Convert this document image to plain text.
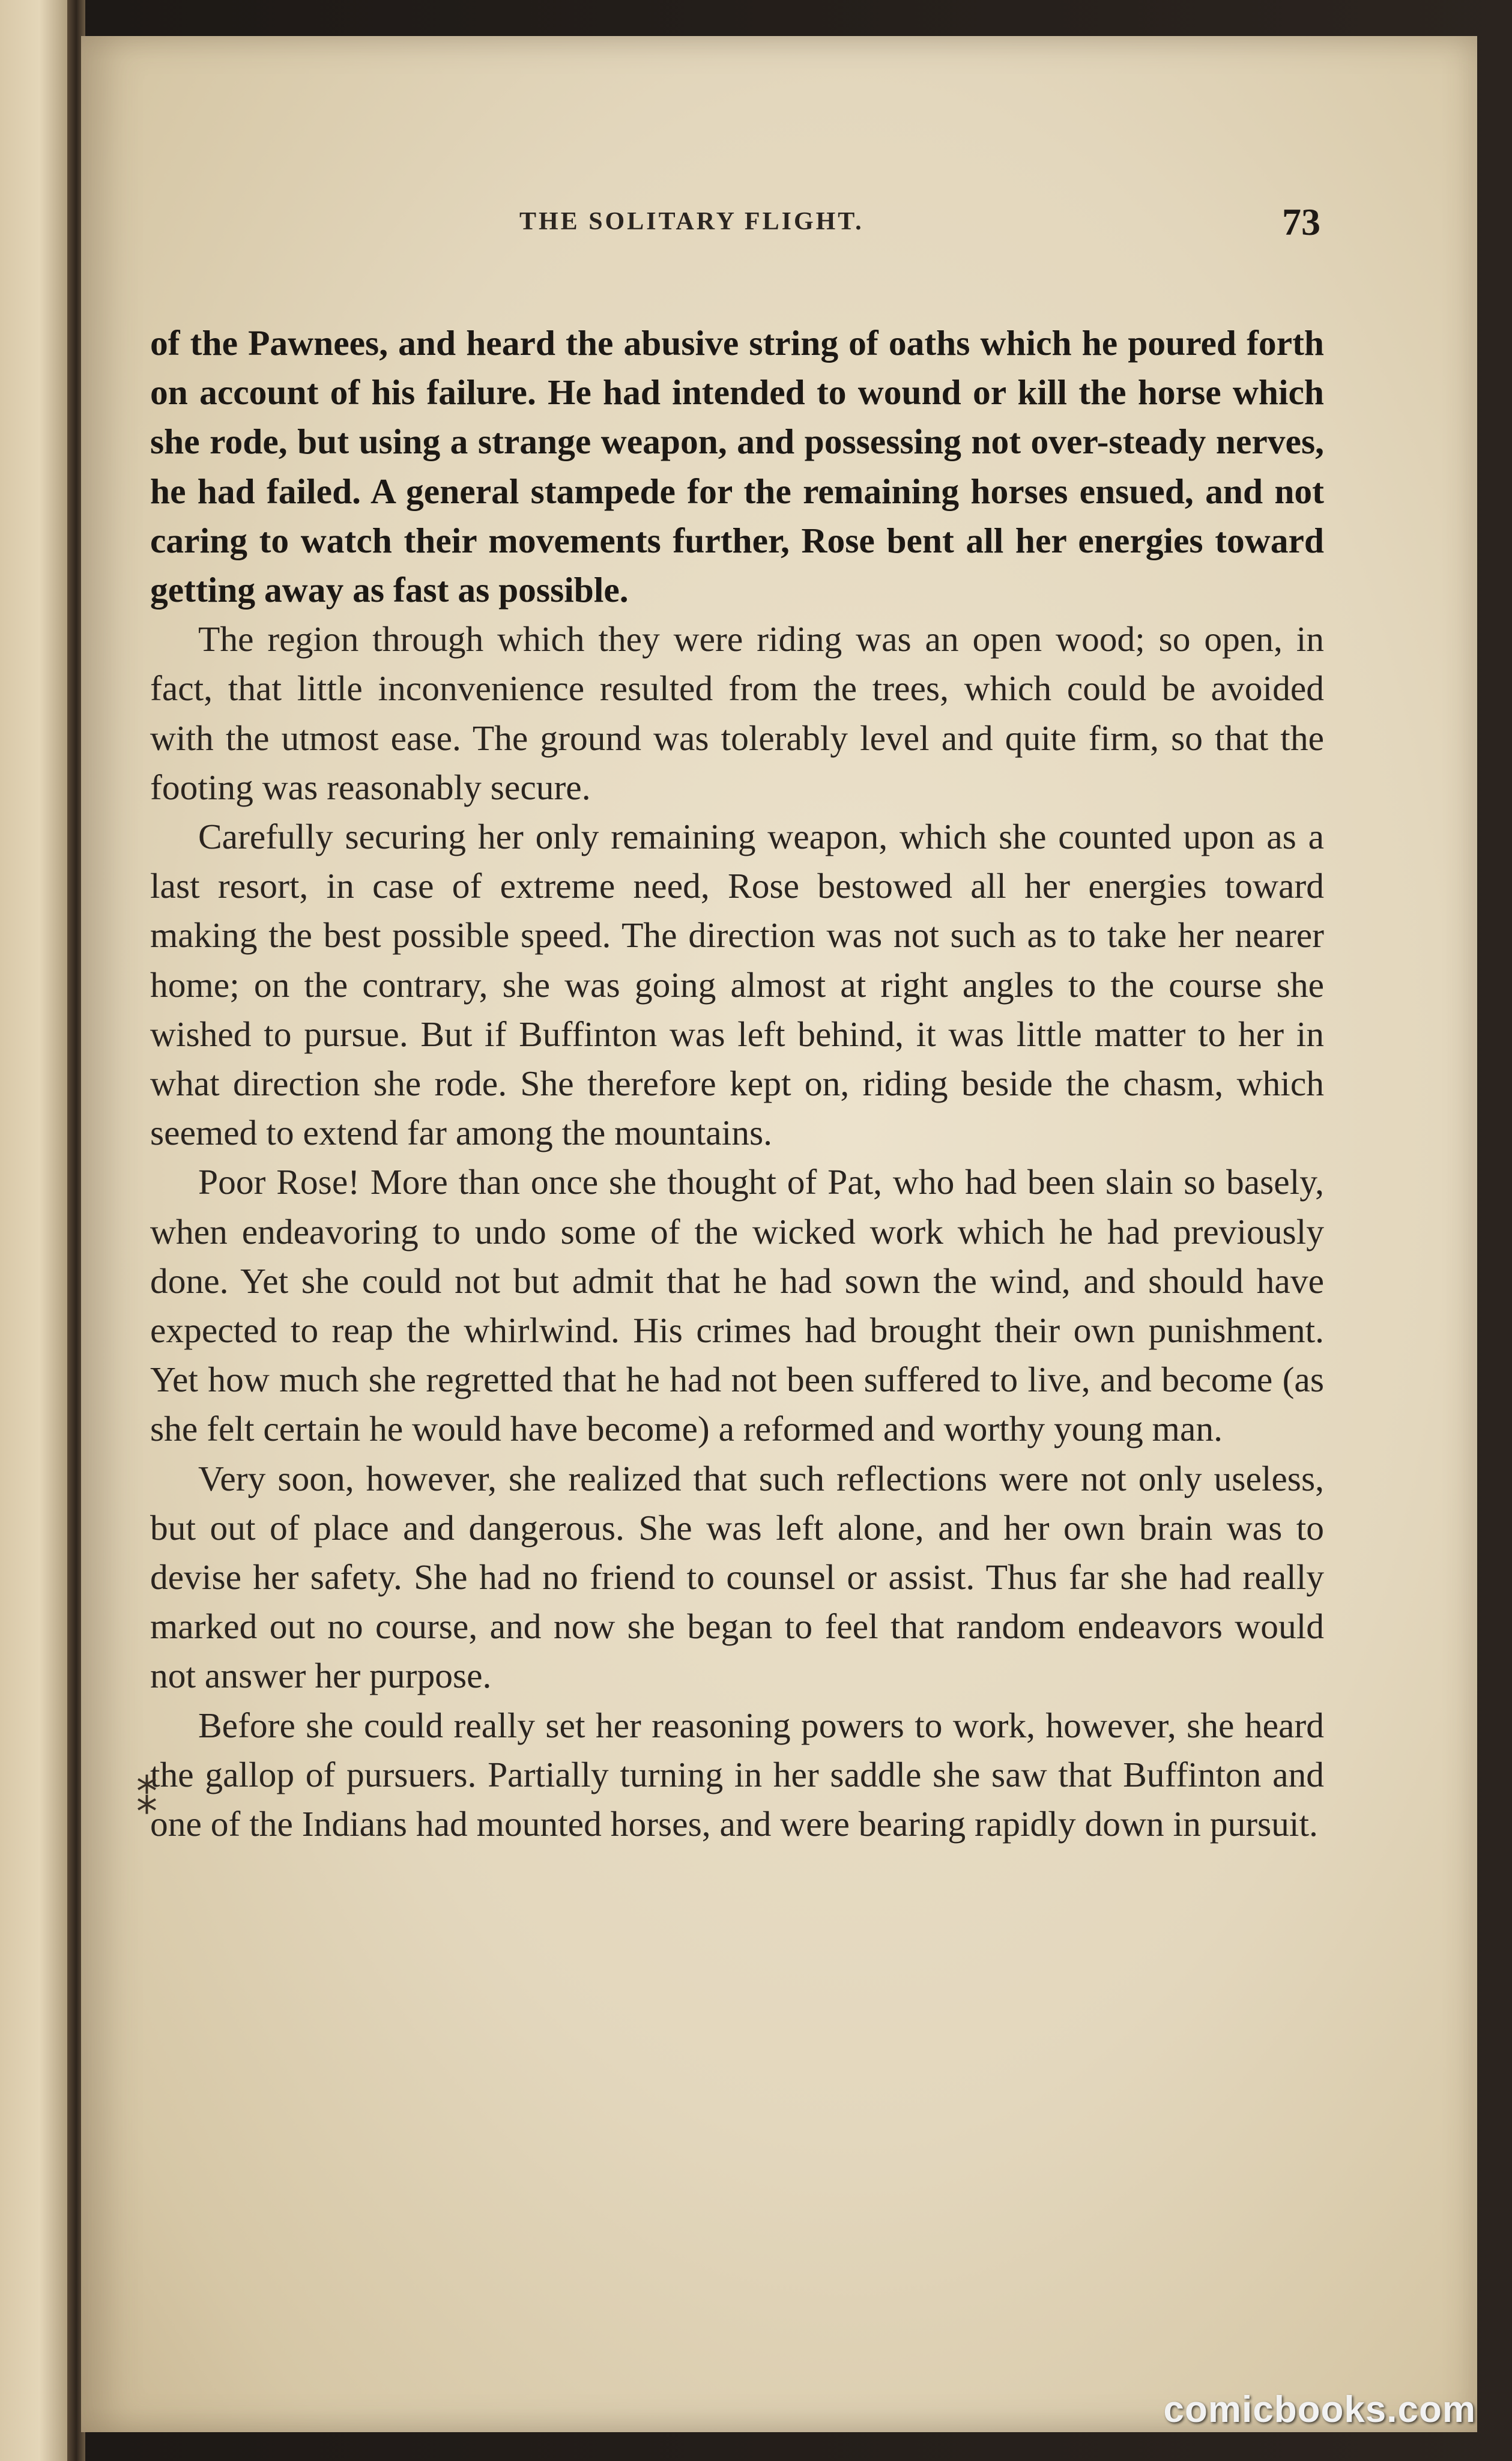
THE SOLITARY FLIGHT.	73

of the Pawnees, and heard the abusive string of oaths which he poured forth on account of his failure. He had intended to wound or kill the horse which she rode, but using a strange weapon, and possessing not over-steady nerves, he had failed. A general stampede for the remaining horses ensued, and not caring to watch their movements further, Rose bent all her energies toward getting away as fast as possible.

The region through which they were riding was an open wood; so open, in fact, that little inconvenience resulted from the trees, which could be avoided with the utmost ease. The ground was tolerably level and quite firm, so that the footing was reasonably secure.

Carefully securing her only remaining weapon, which she counted upon as a last resort, in case of extreme need, Rose bestowed all her energies toward making the best possible speed. The direction was not such as to take her nearer home; on the contrary, she was going almost at right angles to the course she wished to pursue. But if Buffinton was left behind, it was little matter to her in what direction she rode. She therefore kept on, riding beside the chasm, which seemed to extend far among the mountains.

Poor Rose! More than once she thought of Pat, who had been slain so basely, when endeavoring to undo some of the wicked work which he had previously done. Yet she could not but admit that he had sown the wind, and should have expected to reap the whirlwind. His crimes had brought their own punishment. Yet how much she regretted that he had not been suffered to live, and become (as she felt certain he would have become) a reformed and worthy young man.

Very soon, however, she realized that such reflections were not only useless, but out of place and dangerous. She was left alone, and her own brain was to devise her safety. She had no friend to counsel or assist. Thus far she had really marked out no course, and now she began to feel that random endeavors would not answer her purpose.

Before she could really set her reasoning powers to work, however, she heard the gallop of pursuers. Partially turning in her saddle she saw that Buffinton and one of the Indians had mounted horses, and were bearing rapidly down in pursuit.

⁑
comicbooks.com
